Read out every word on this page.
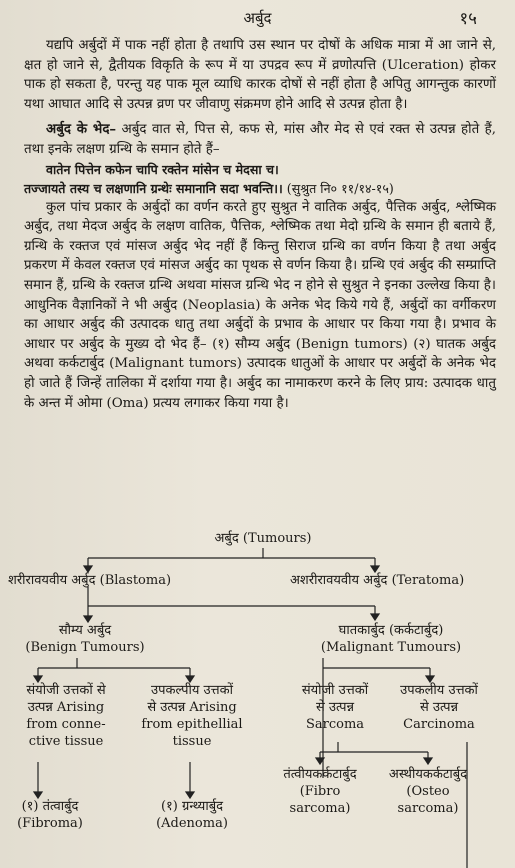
अर्बुद	१५

यद्यपि अर्बुदों में पाक नहीं होता है तथापि उस स्थान पर दोषों के अधिक मात्रा में आ जाने से, क्षत हो जाने से, द्वैतीयक विकृति के रूप में या उपद्रव रूप में व्रणोत्पत्ति (Ulceration) होकर पाक हो सकता है, परन्तु यह पाक मूल व्याधि कारक दोषों से नहीं होता है अपितु आगन्तुक कारणों यथा आघात आदि से उत्पन्न व्रण पर जीवाणु संक्रमण होने आदि से उत्पन्न होता है।

अर्बुद के भेद– अर्बुद वात से, पित्त से, कफ से, मांस और मेद से एवं रक्त से उत्पन्न होते हैं, तथा इनके लक्षण ग्रन्थि के समान होते हैं–

वातेन पित्तेन कफेन चापि रक्तेन मांसेन च मेदसा च।

तज्जायते तस्य च लक्षणानि ग्रन्थेः समानानि सदा भवन्ति।। (सुश्रुत नि० ११/१४-१५)

कुल पांच प्रकार के अर्बुदों का वर्णन करते हुए सुश्रुत ने वातिक अर्बुद, पैत्तिक अर्बुद, श्लेष्मिक अर्बुद, तथा मेदज अर्बुद के लक्षण वातिक, पैत्तिक, श्लेष्मिक तथा मेदो ग्रन्थि के समान ही बताये हैं, ग्रन्थि के रक्तज एवं मांसज अर्बुद भेद नहीं हैं किन्तु सिराज ग्रन्थि का वर्णन किया है तथा अर्बुद प्रकरण में केवल रक्तज एवं मांसज अर्बुद का पृथक से वर्णन किया है। ग्रन्थि एवं अर्बुद की सम्प्राप्ति समान हैं, ग्रन्थि के रक्तज ग्रन्थि अथवा मांसज ग्रन्थि भेद न होने से सुश्रुत ने इनका उल्लेख किया है। आधुनिक वैज्ञानिकों ने भी अर्बुद (Neoplasia) के अनेक भेद किये गये हैं, अर्बुदों का वर्गीकरण का आधार अर्बुद की उत्पादक धातु तथा अर्बुदों के प्रभाव के आधार पर किया गया है। प्रभाव के आधार पर अर्बुद के मुख्य दो भेद हैं– (१) सौम्य अर्बुद (Benign tumors) (२) घातक अर्बुद अथवा कर्कटार्बुद (Malignant tumors) उत्पादक धातुओं के आधार पर अर्बुदों के अनेक भेद हो जाते हैं जिन्हें तालिका में दर्शाया गया है। अर्बुद का नामाकरण करने के लिए प्राय: उत्पादक धातु के अन्त में ओमा (Oma) प्रत्यय लगाकर किया गया है।

अर्बुद (Tumours)
शरीरावयवीय अर्बुद (Blastoma)	अशरीरावयवीय अर्बुद (Teratoma)
सौम्य अर्बुद
(Benign Tumours)
घातकार्बुद (कर्कटार्बुद)
(Malignant Tumours)
संयोजी उत्तकों से
उत्पन्न Arising
from conne-
ctive tissue
उपकल्पीय उत्तकों
से उत्पन्न Arising
from epithellial
tissue
संयोजी उत्तकों
से उत्पन्न
Sarcoma
उपकलीय उत्तकों
से उत्पन्न
Carcinoma
(१) तंत्वार्बुद
(Fibroma)
(१) ग्रन्थ्यार्बुद
(Adenoma)
तंत्वीयकर्कटार्बुद
(Fibro
sarcoma)
अस्थीयकर्कटार्बुद
(Osteo
sarcoma)
